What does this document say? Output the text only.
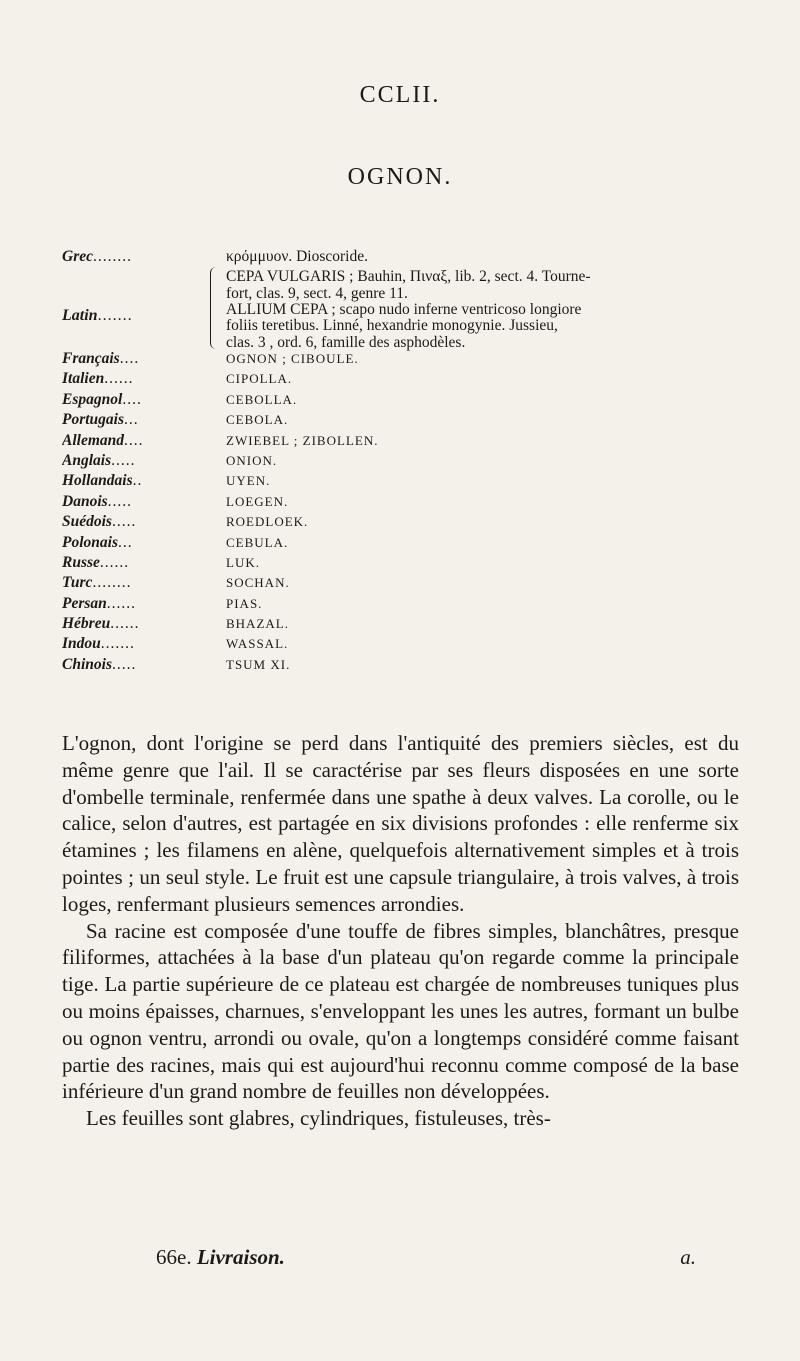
CCLII.
OGNON.
Grec........	κρόμμυον. Dioscoride.
Latin.......
CEPA VULGARIS ; Bauhin, Πιναξ, lib. 2, sect. 4. Tourne-
fort, clas. 9, sect. 4, genre 11.
ALLIUM CEPA ; scapo nudo inferne ventricoso longiore
foliis teretibus. Linné, hexandrie monogynie. Jussieu,
clas. 3 , ord. 6, famille des asphodèles.
Français....	OGNON ; CIBOULE.
Italien......	CIPOLLA.
Espagnol....	CEBOLLA.
Portugais...	CEBOLA.
Allemand....	ZWIEBEL ; ZIBOLLEN.
Anglais.....	ONION.
Hollandais..	UYEN.
Danois.....	LOEGEN.
Suédois.....	ROEDLOEK.
Polonais...	CEBULA.
Russe......	LUK.
Turc........	SOCHAN.
Persan......	PIAS.
Hébreu......	BHAZAL.
Indou.......	WASSAL.
Chinois.....	TSUM XI.

L'ognon, dont l'origine se perd dans l'antiquité des premiers siècles, est du même genre que l'ail. Il se caractérise par ses fleurs disposées en une sorte d'ombelle terminale, renfermée dans une spathe à deux valves. La corolle, ou le calice, selon d'autres, est partagée en six divisions profondes : elle renferme six étamines ; les filamens en alène, quelquefois alternativement simples et à trois pointes ; un seul style. Le fruit est une capsule triangulaire, à trois valves, à trois loges, renfermant plusieurs semences arrondies.

Sa racine est composée d'une touffe de fibres simples, blanchâtres, presque filiformes, attachées à la base d'un plateau qu'on regarde comme la principale tige. La partie supérieure de ce plateau est chargée de nombreuses tuniques plus ou moins épaisses, charnues, s'enveloppant les unes les autres, formant un bulbe ou ognon ventru, arrondi ou ovale, qu'on a longtemps considéré comme faisant partie des racines, mais qui est aujourd'hui reconnu comme composé de la base inférieure d'un grand nombre de feuilles non développées.

Les feuilles sont glabres, cylindriques, fistuleuses, très-

66e. Livraison.	a.
